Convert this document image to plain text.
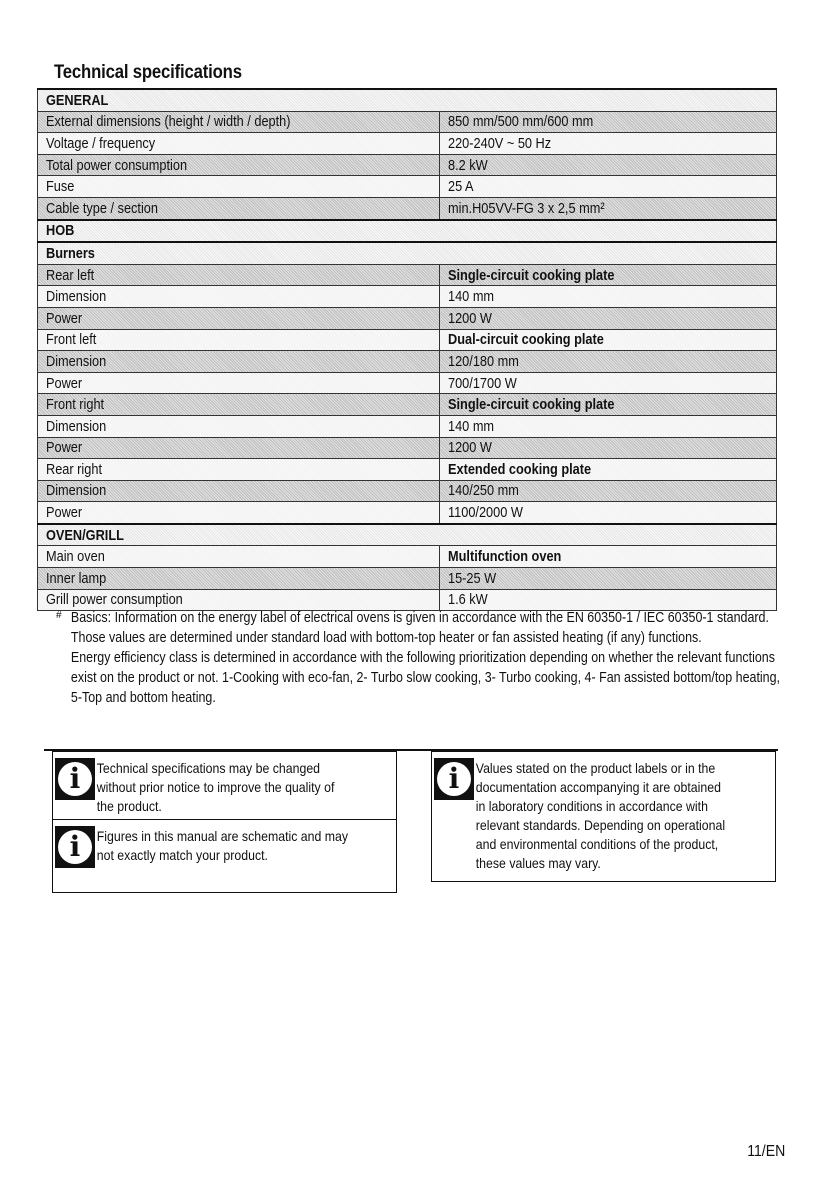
Technical specifications
GENERAL	
External dimensions (height / width / depth)	850 mm/500 mm/600 mm
Voltage / frequency	220-240V ~ 50 Hz
Total power consumption	8.2 kW
Fuse	25 A
Cable type / section	min.H05VV-FG 3 x 2,5 mm²
HOB	
Burners	
Rear left	Single-circuit cooking plate
Dimension	140 mm
Power	1200 W
Front left	Dual-circuit cooking plate
Dimension	120/180 mm
Power	700/1700 W
Front right	Single-circuit cooking plate
Dimension	140 mm
Power	1200 W
Rear right	Extended cooking plate
Dimension	140/250 mm
Power	1100/2000 W
OVEN/GRILL	
Main oven	Multifunction oven
Inner lamp	15-25 W
Grill power consumption	1.6 kW
# Basics: Information on the energy label of electrical ovens is given in accordance with the EN 60350-1 / IEC 60350-1 standard. Those values are determined under standard load with bottom-top heater or fan assisted heating (if any) functions.

Energy efficiency class is determined in accordance with the following prioritization depending on whether the relevant functions exist on the product or not. 1-Cooking with eco-fan, 2- Turbo slow cooking, 3- Turbo cooking, 4- Fan assisted bottom/top heating, 5-Top and bottom heating.

i	Technical specifications may be changed without prior notice to improve the quality of the product.
i	Figures in this manual are schematic and may not exactly match your product.
i	Values stated on the product labels or in the documentation accompanying it are obtained in laboratory conditions in accordance with relevant standards. Depending on operational and environmental conditions of the product, these values may vary.
11/EN
